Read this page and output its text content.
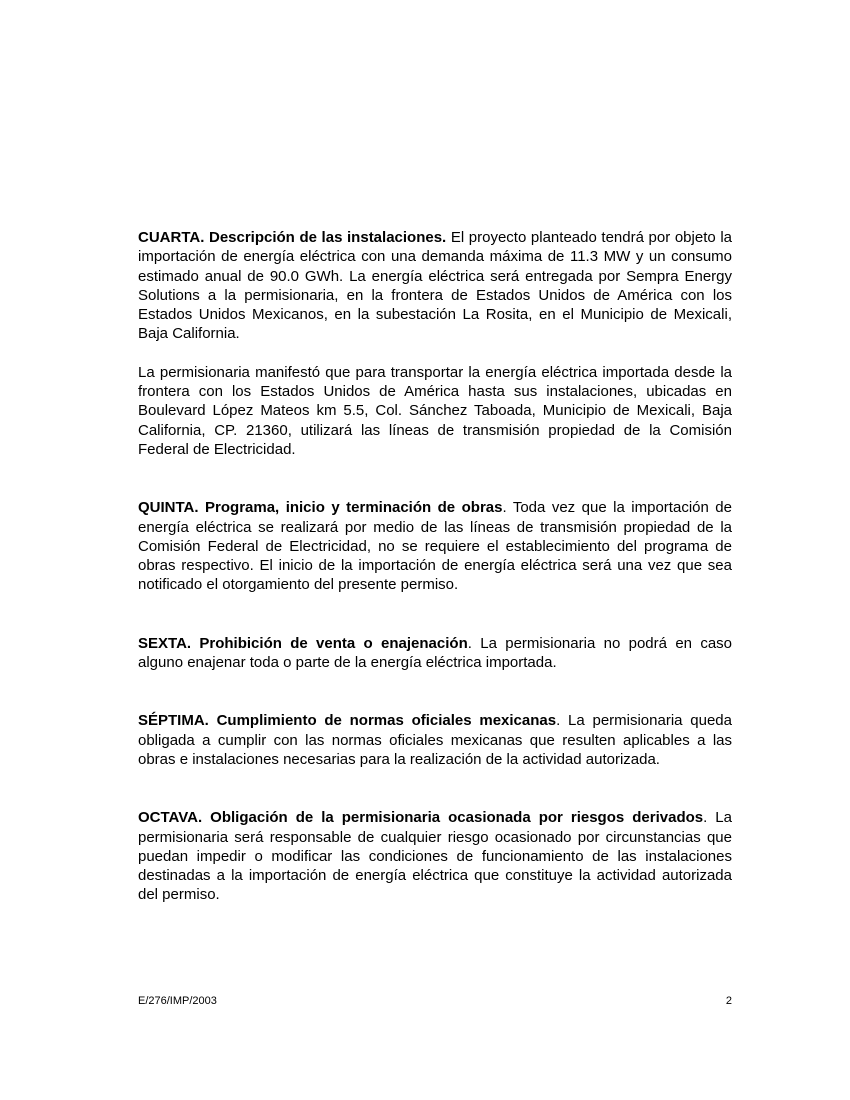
CUARTA. Descripción de las instalaciones. El proyecto planteado tendrá por objeto la importación de energía eléctrica con una demanda máxima de 11.3 MW y un consumo estimado anual de 90.0 GWh. La energía eléctrica será entregada por Sempra Energy Solutions a la permisionaria, en la frontera de Estados Unidos de América con los Estados Unidos Mexicanos, en la subestación La Rosita, en el Municipio de Mexicali, Baja California.

La permisionaria manifestó que para transportar la energía eléctrica importada desde la frontera con los Estados Unidos de América hasta sus instalaciones, ubicadas en Boulevard López Mateos km 5.5, Col. Sánchez Taboada, Municipio de Mexicali, Baja California, CP. 21360, utilizará las líneas de transmisión propiedad de la Comisión Federal de Electricidad.

QUINTA. Programa, inicio y terminación de obras. Toda vez que la importación de energía eléctrica se realizará por medio de las líneas de transmisión propiedad de la Comisión Federal de Electricidad, no se requiere el establecimiento del programa de obras respectivo. El inicio de la importación de energía eléctrica será una vez que sea notificado el otorgamiento del presente permiso.

SEXTA. Prohibición de venta o enajenación. La permisionaria no podrá en caso alguno enajenar toda o parte de la energía eléctrica importada.

SÉPTIMA. Cumplimiento de normas oficiales mexicanas. La permisionaria queda obligada a cumplir con las normas oficiales mexicanas que resulten aplicables a las obras e instalaciones necesarias para la realización de la actividad autorizada.

OCTAVA. Obligación de la permisionaria ocasionada por riesgos derivados. La permisionaria será responsable de cualquier riesgo ocasionado por circunstancias que puedan impedir o modificar las condiciones de funcionamiento de las instalaciones destinadas a la importación de energía eléctrica que constituye la actividad autorizada del permiso.

E/276/IMP/2003	2
